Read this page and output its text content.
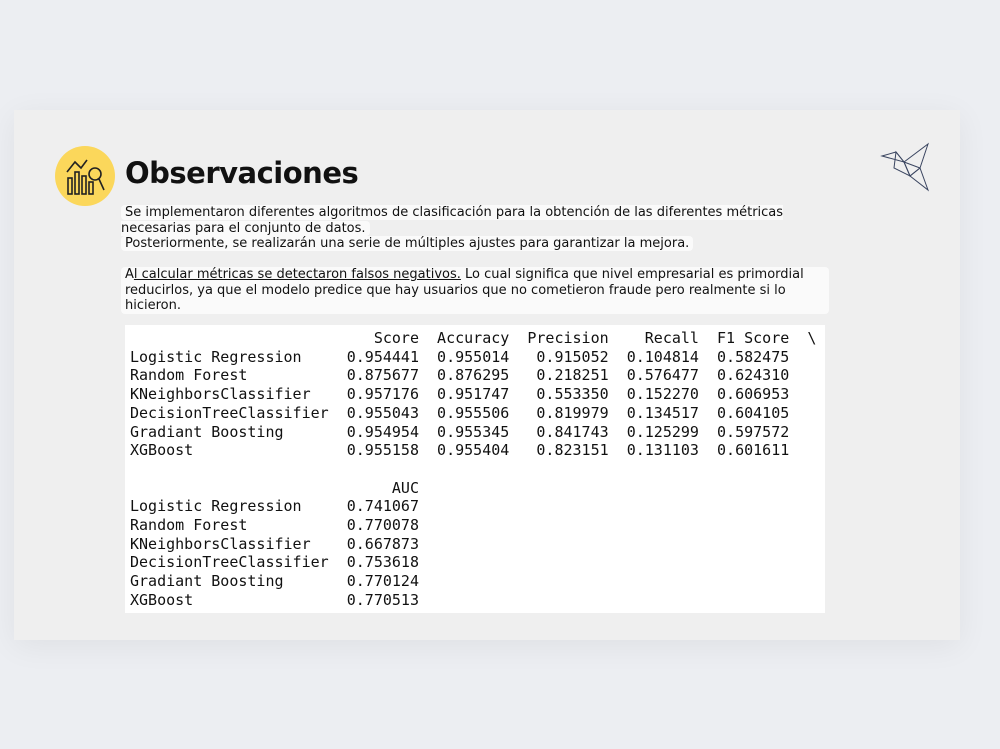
Observaciones
Se implementaron diferentes algoritmos de clasificación para la obtención de las diferentes métricas necesarias para el conjunto de datos.
Posteriormente, se realizarán una serie de múltiples ajustes para garantizar la mejora.
Al calcular métricas se detectaron falsos negativos. Lo cual significa que nivel empresarial es primordial reducirlos, ya que el modelo predice que hay usuarios que no cometieron fraude pero realmente si lo hicieron.
Score  Accuracy  Precision    Recall  F1 Score  \
Logistic Regression     0.954441  0.955014   0.915052  0.104814  0.582475
Random Forest           0.875677  0.876295   0.218251  0.576477  0.624310
KNeighborsClassifier    0.957176  0.951747   0.553350  0.152270  0.606953
DecisionTreeClassifier  0.955043  0.955506   0.819979  0.134517  0.604105
Gradiant Boosting       0.954954  0.955345   0.841743  0.125299  0.597572
XGBoost                 0.955158  0.955404   0.823151  0.131103  0.601611

AUC
Logistic Regression     0.741067
Random Forest           0.770078
KNeighborsClassifier    0.667873
DecisionTreeClassifier  0.753618
Gradiant Boosting       0.770124
XGBoost                 0.770513
